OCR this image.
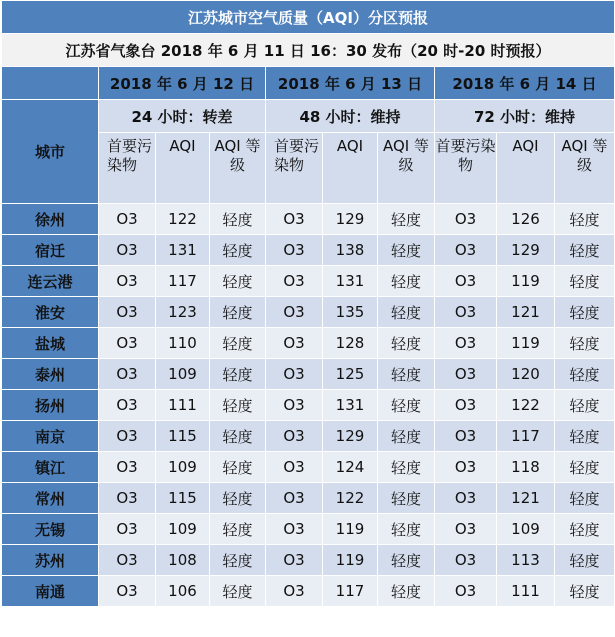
江苏城市空气质量（AQI）分区预报									
江苏省气象台 2018 年 6 月 11 日 16：30 发布（20 时-20 时预报）									
	2018 年 6 月 12 日			2018 年 6 月 13 日			2018 年 6 月 14 日		
城市	24 小时：转差			48 小时：维持			72 小时：维持		
	首要污染物	AQI	AQI 等级	首要污染物	AQI	AQI 等级	首要污染物	AQI	AQI 等级
徐州	O3	122	轻度	O3	129	轻度	O3	126	轻度
宿迁	O3	131	轻度	O3	138	轻度	O3	129	轻度
连云港	O3	117	轻度	O3	131	轻度	O3	119	轻度
淮安	O3	123	轻度	O3	135	轻度	O3	121	轻度
盐城	O3	110	轻度	O3	128	轻度	O3	119	轻度
泰州	O3	109	轻度	O3	125	轻度	O3	120	轻度
扬州	O3	111	轻度	O3	131	轻度	O3	122	轻度
南京	O3	115	轻度	O3	129	轻度	O3	117	轻度
镇江	O3	109	轻度	O3	124	轻度	O3	118	轻度
常州	O3	115	轻度	O3	122	轻度	O3	121	轻度
无锡	O3	109	轻度	O3	119	轻度	O3	109	轻度
苏州	O3	108	轻度	O3	119	轻度	O3	113	轻度
南通	O3	106	轻度	O3	117	轻度	O3	111	轻度
